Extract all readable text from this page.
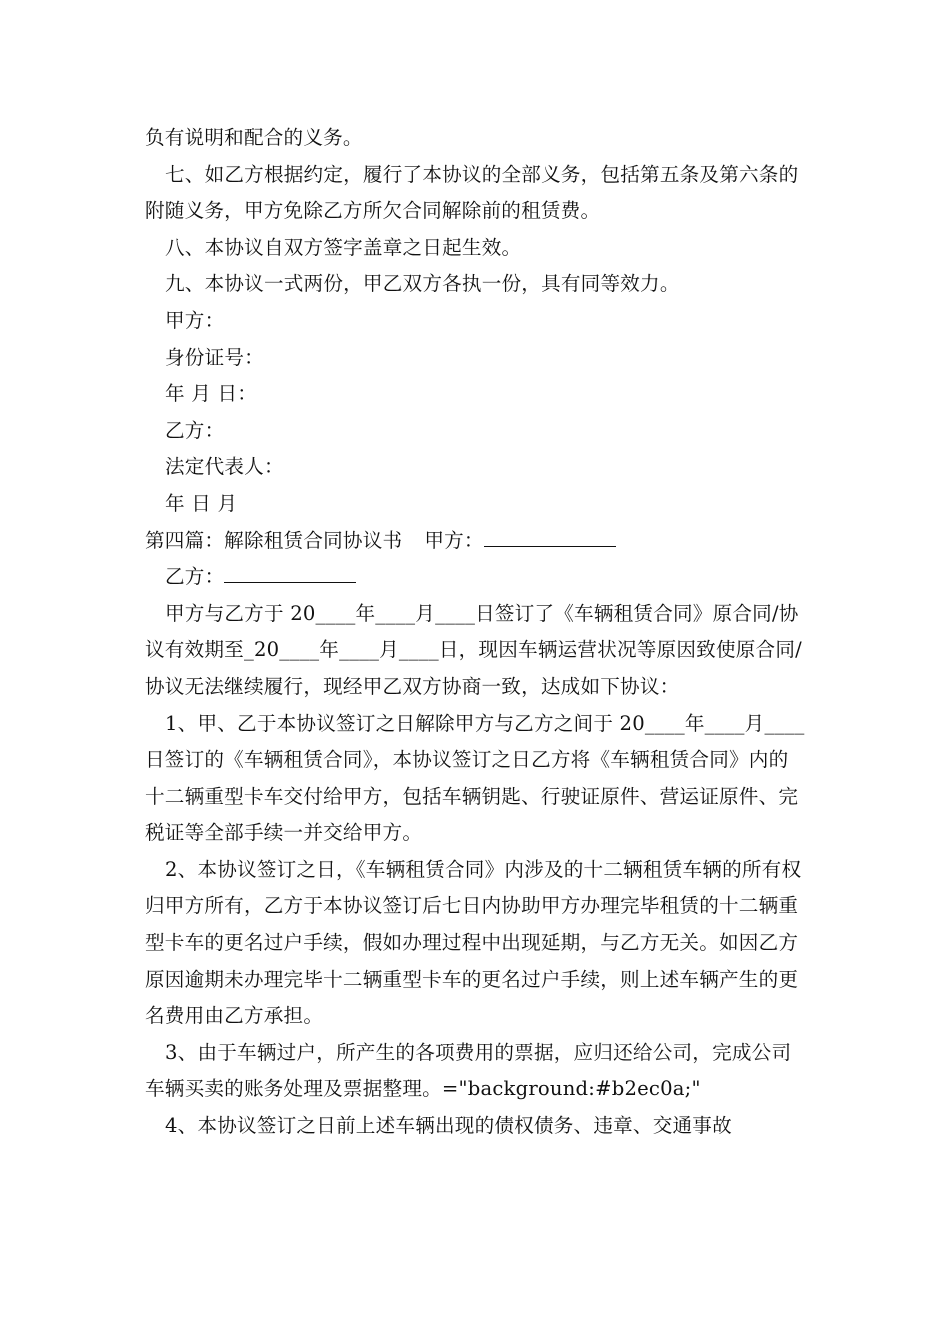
负有说明和配合的义务。

七、如乙方根据约定，履行了本协议的全部义务，包括第五条及第六条的附随义务，甲方免除乙方所欠合同解除前的租赁费。

八、本协议自双方签字盖章之日起生效。

九、本协议一式两份，甲乙双方各执一份，具有同等效力。

甲方：

身份证号：

年 月 日：

乙方：

法定代表人：

年 日 月

第四篇：解除租赁合同协议书 甲方：

乙方：

甲方与乙方于 20____年____月____日签订了《车辆租赁合同》原合同/协议有效期至_20____年____月____日，现因车辆运营状况等原因致使原合同/协议无法继续履行，现经甲乙双方协商一致，达成如下协议：

1、甲、乙于本协议签订之日解除甲方与乙方之间于 20____年____月____日签订的《车辆租赁合同》，本协议签订之日乙方将《车辆租赁合同》内的十二辆重型卡车交付给甲方，包括车辆钥匙、行驶证原件、营运证原件、完税证等全部手续一并交给甲方。

2、本协议签订之日，《车辆租赁合同》内涉及的十二辆租赁车辆的所有权归甲方所有，乙方于本协议签订后七日内协助甲方办理完毕租赁的十二辆重型卡车的更名过户手续，假如办理过程中出现延期，与乙方无关。如因乙方原因逾期未办理完毕十二辆重型卡车的更名过户手续，则上述车辆产生的更名费用由乙方承担。

3、由于车辆过户，所产生的各项费用的票据，应归还给公司，完成公司车辆买卖的账务处理及票据整理。="background:#b2ec0a;"

4、本协议签订之日前上述车辆出现的债权债务、违章、交通事故
